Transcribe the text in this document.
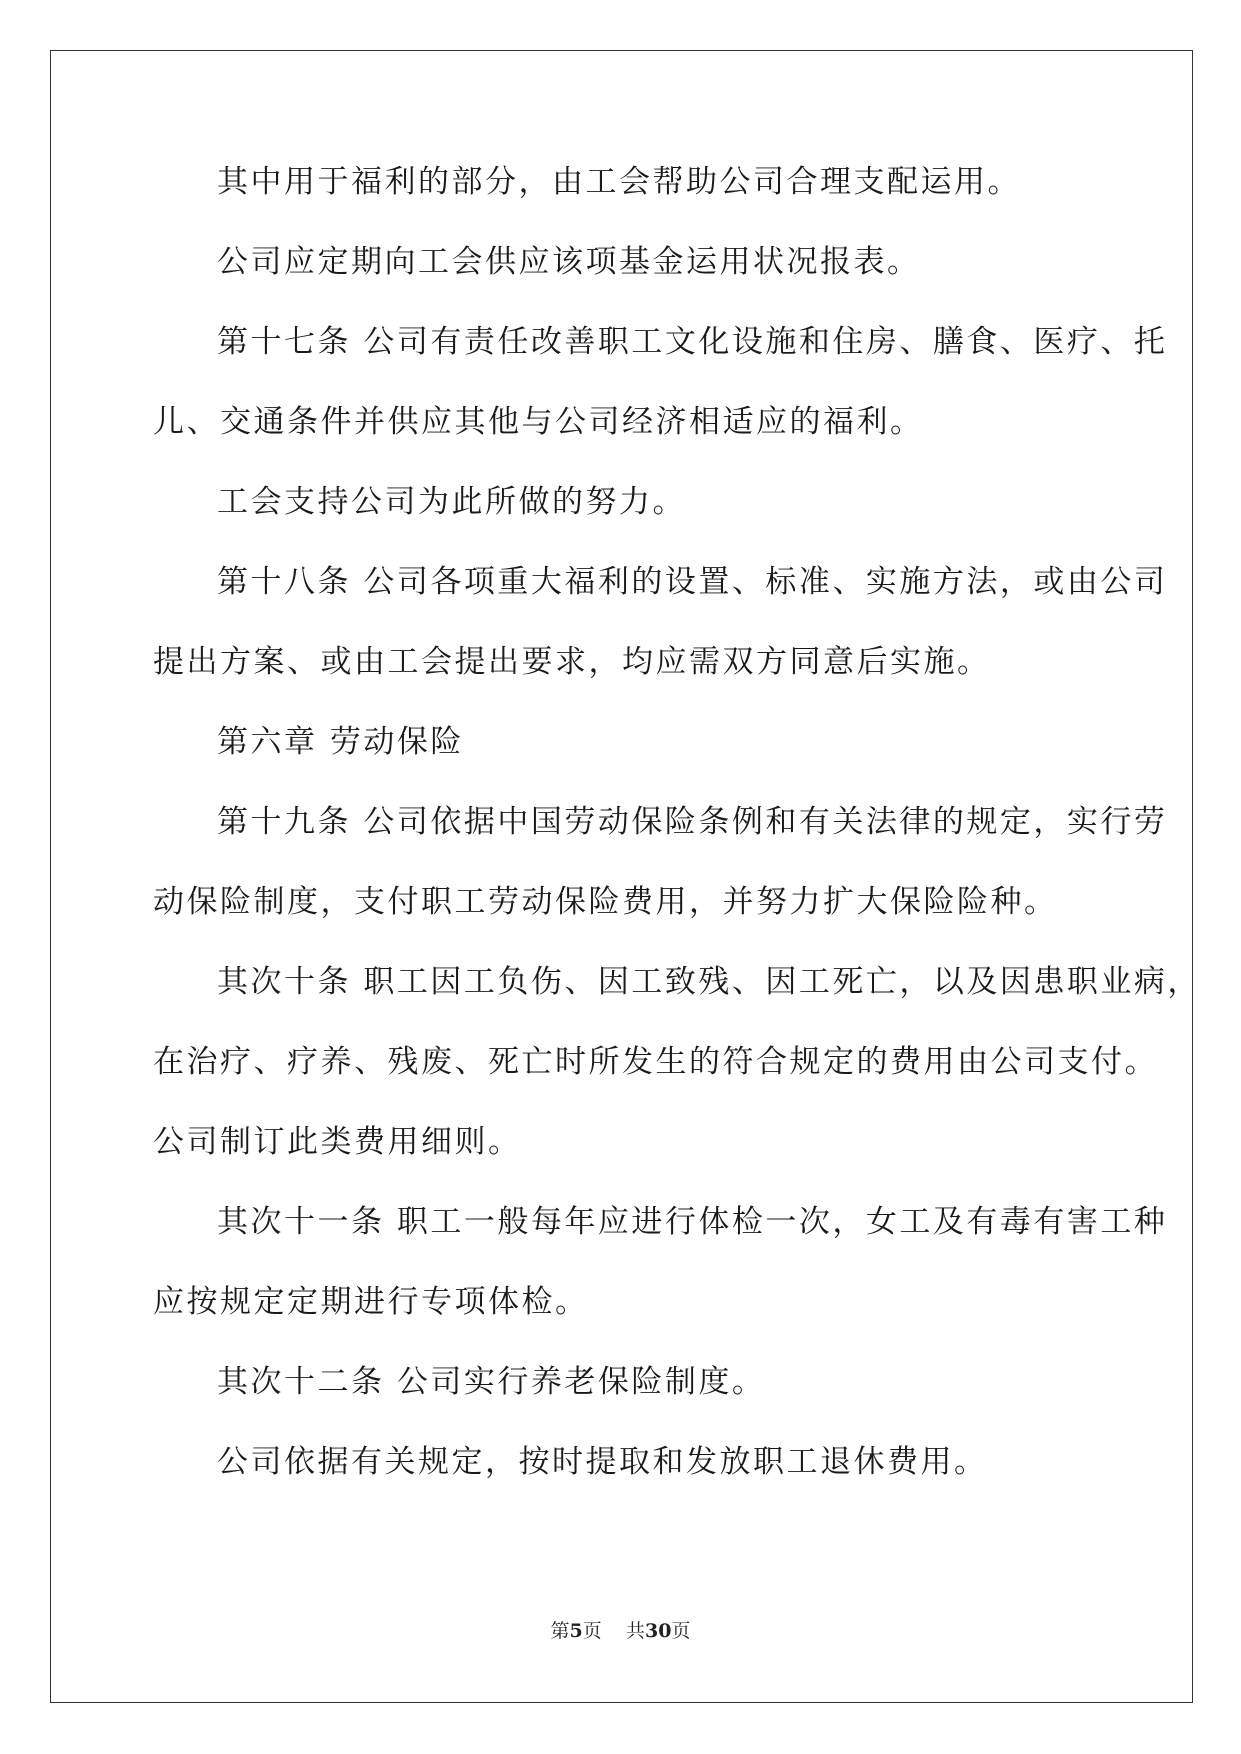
其中用于福利的部分，由工会帮助公司合理支配运用。
公司应定期向工会供应该项基金运用状况报表。
第十七条 公司有责任改善职工文化设施和住房、膳食、医疗、托
儿、交通条件并供应其他与公司经济相适应的福利。
工会支持公司为此所做的努力。
第十八条 公司各项重大福利的设置、标准、实施方法，或由公司
提出方案、或由工会提出要求，均应需双方同意后实施。
第六章 劳动保险
第十九条 公司依据中国劳动保险条例和有关法律的规定，实行劳
动保险制度，支付职工劳动保险费用，并努力扩大保险险种。
其次十条 职工因工负伤、因工致残、因工死亡，以及因患职业病，
在治疗、疗养、残废、死亡时所发生的符合规定的费用由公司支付。
公司制订此类费用细则。
其次十一条 职工一般每年应进行体检一次，女工及有毒有害工种
应按规定定期进行专项体检。
其次十二条 公司实行养老保险制度。
公司依据有关规定，按时提取和发放职工退休费用。
第5页 共30页
